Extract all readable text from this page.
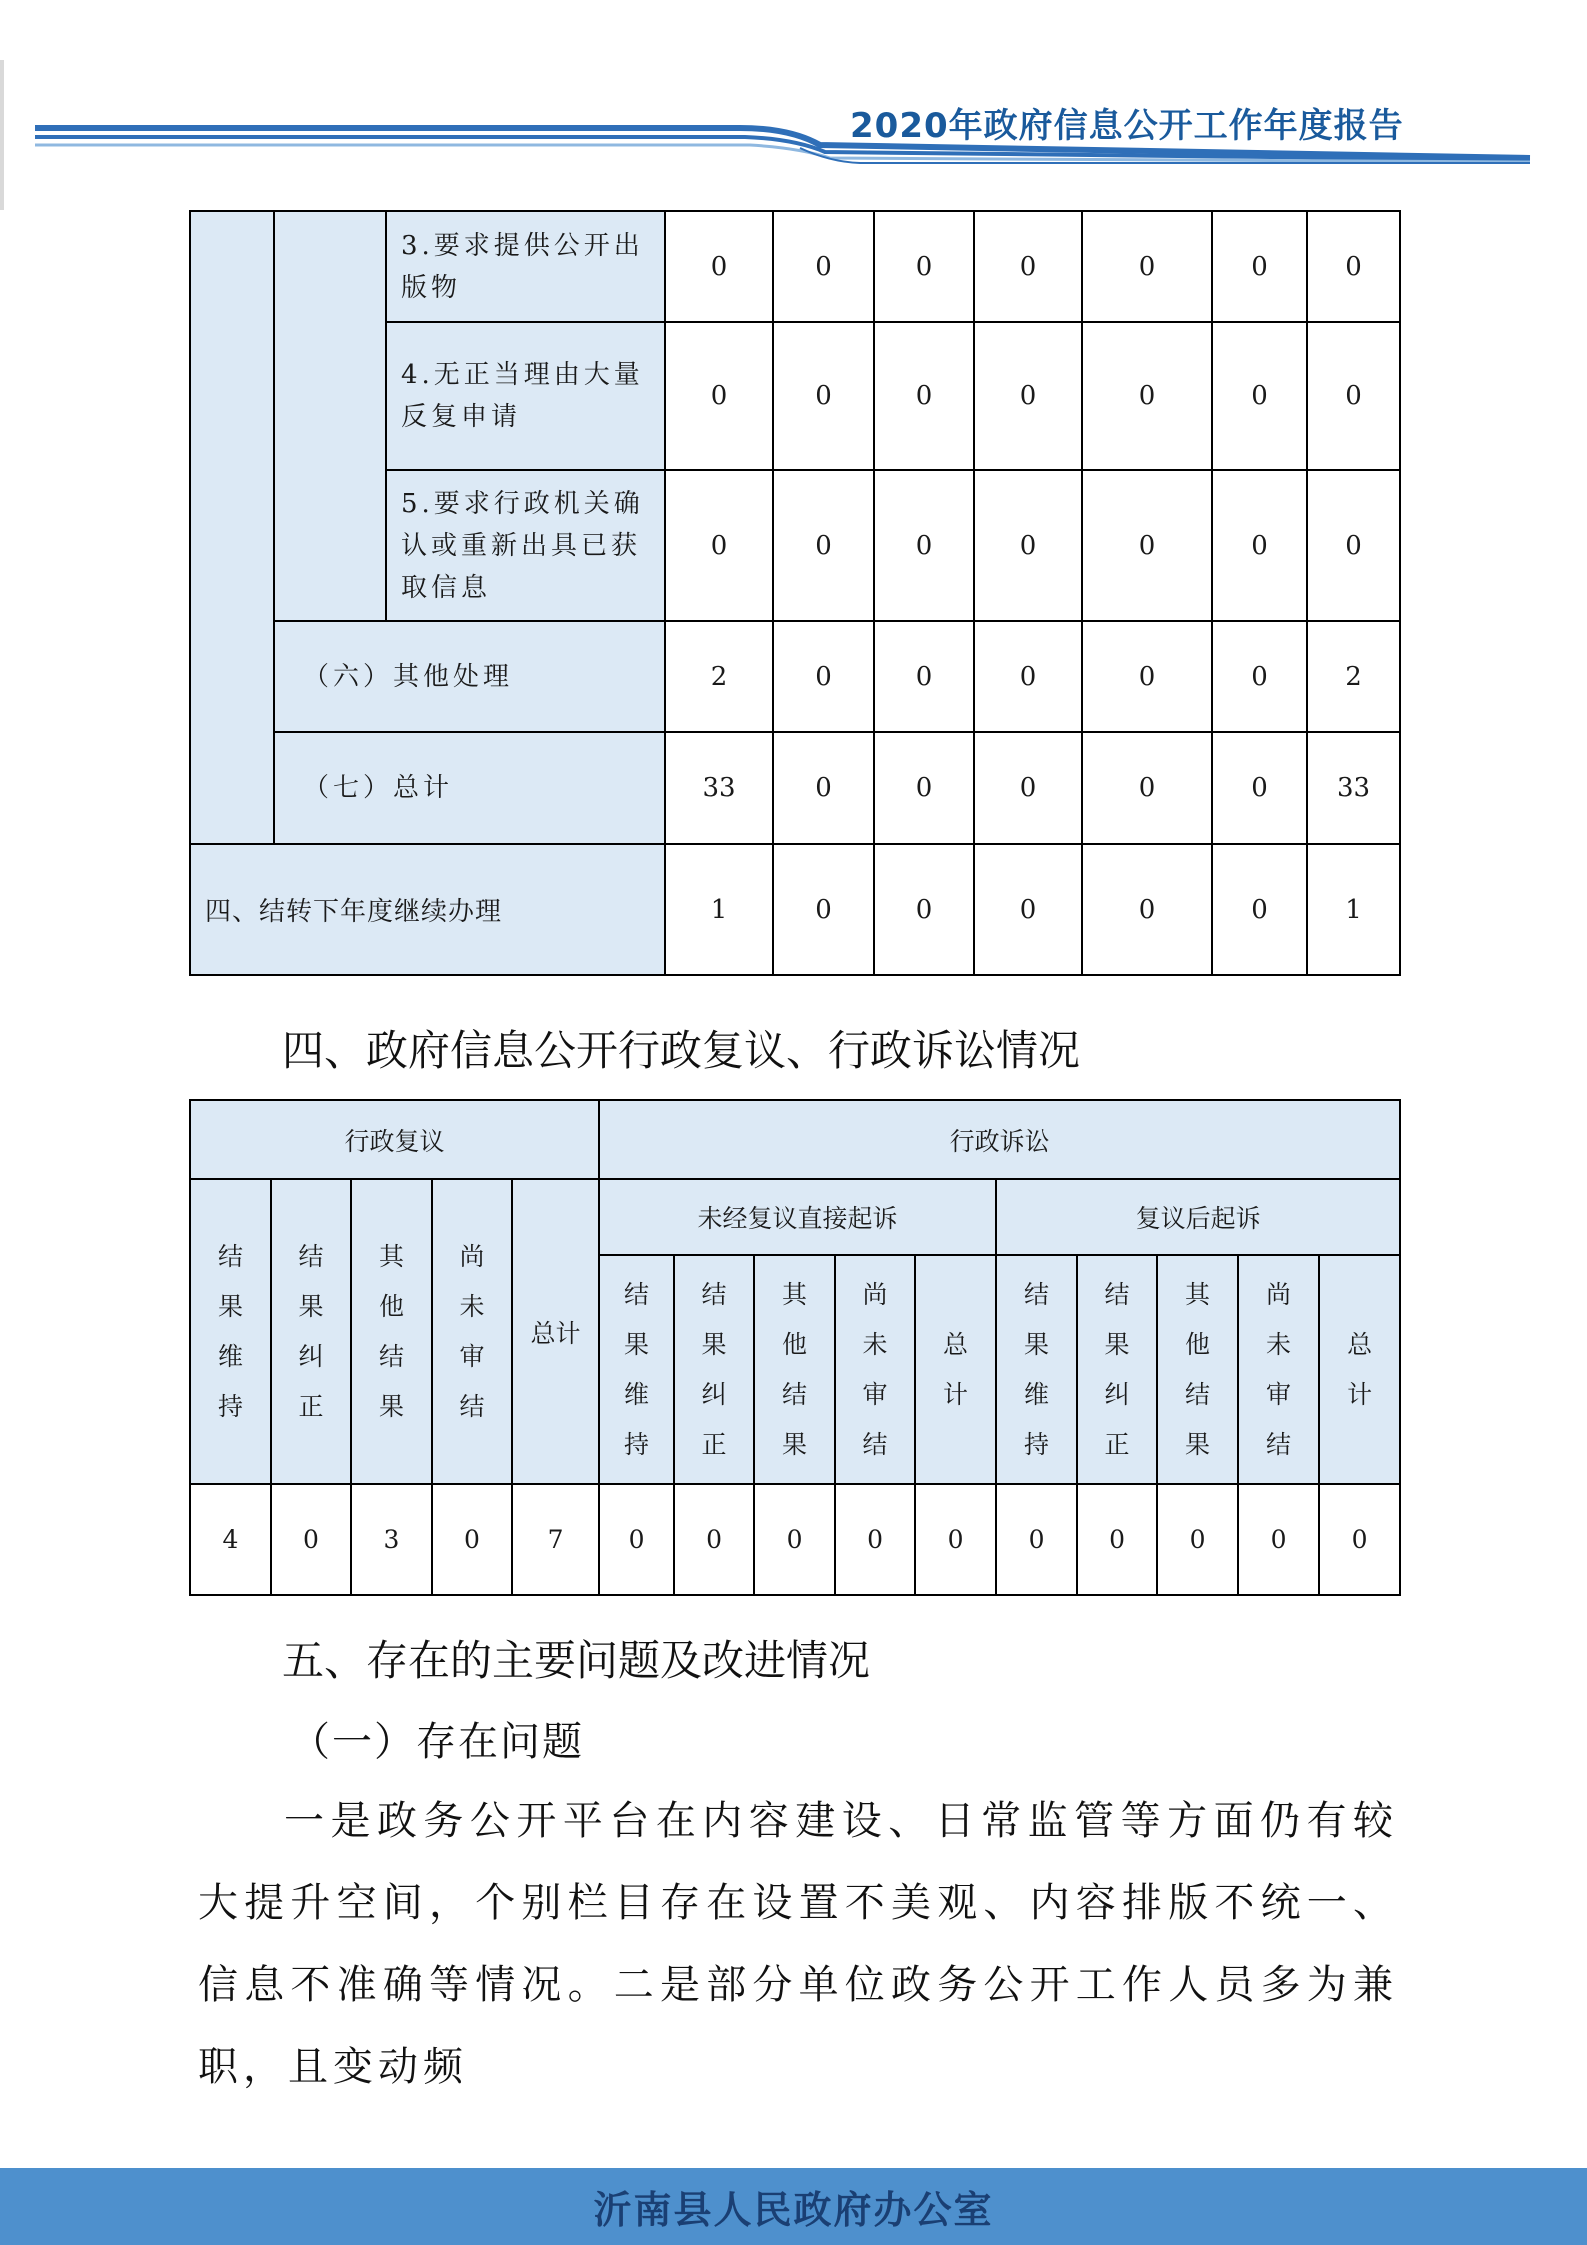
2020年政府信息公开工作年度报告
		3.要求提供公开出版物	0	0	0	0	0	0	0
		4.无正当理由大量反复申请	0	0	0	0	0	0	0
		5.要求行政机关确认或重新出具已获取信息	0	0	0	0	0	0	0
	（六）其他处理		2	0	0	0	0	0	2
	（七）总计		33	0	0	0	0	0	33
四、结转下年度继续办理			1	0	0	0	0	0	1
四、政府信息公开行政复议、行政诉讼情况
行政复议					行政诉讼									

结果维持	结果纠正	其他结果	尚未审结	总计	未经复议直接起诉					复议后起诉				

					结果维持	结果纠正	其他结果	尚未审结	总计	结果维持	结果纠正	其他结果	尚未审结	总计

4	0	3	0	7	0	0	0	0	0	0	0	0	0	0
五、存在的主要问题及改进情况
（一）存在问题
一是政务公开平台在内容建设、日常监管等方面仍有较大提升空间，个别栏目存在设置不美观、内容排版不统一、信息不准确等情况。二是部分单位政务公开工作人员多为兼职，且变动频
沂南县人民政府办公室
